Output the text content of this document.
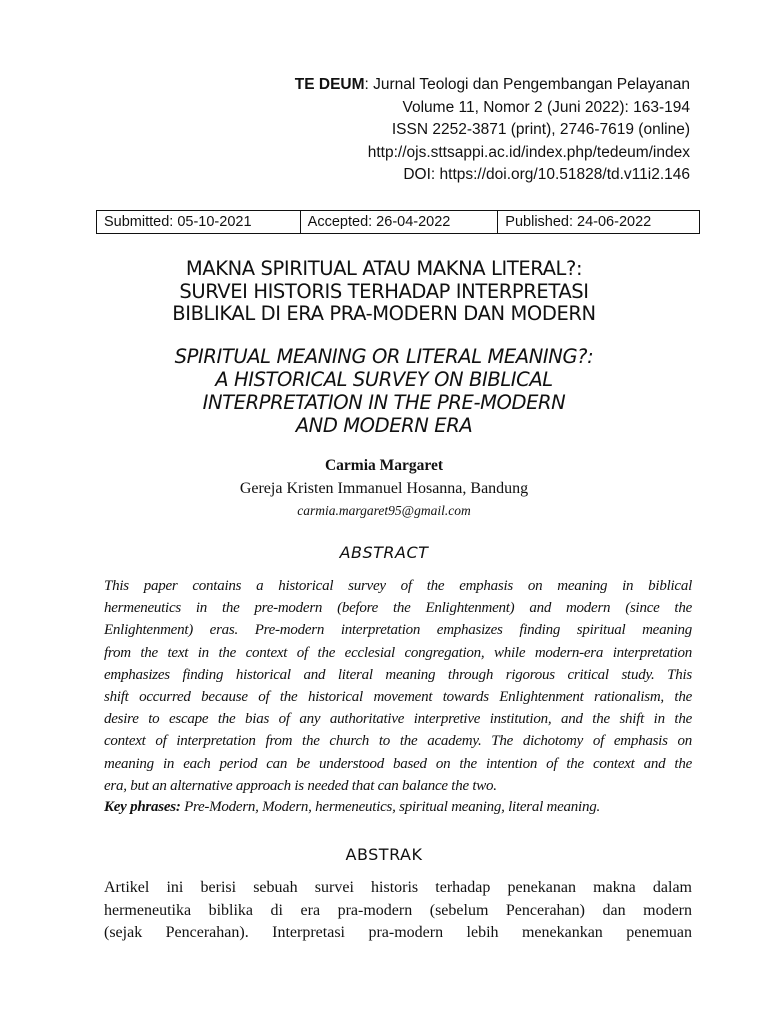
TE DEUM: Jurnal Teologi dan Pengembangan Pelayanan
Volume 11, Nomor 2 (Juni 2022): 163-194
ISSN 2252-3871 (print), 2746-7619 (online)
http://ojs.sttsappi.ac.id/index.php/tedeum/index
DOI: https://doi.org/10.51828/td.v11i2.146
Submitted: 05-10-2021	Accepted: 26-04-2022	Published: 24-06-2022
MAKNA SPIRITUAL ATAU MAKNA LITERAL?:
SURVEI HISTORIS TERHADAP INTERPRETASI
BIBLIKAL DI ERA PRA-MODERN DAN MODERN
SPIRITUAL MEANING OR LITERAL MEANING?:
A HISTORICAL SURVEY ON BIBLICAL
INTERPRETATION IN THE PRE-MODERN
AND MODERN ERA
Carmia Margaret
Gereja Kristen Immanuel Hosanna, Bandung
carmia.margaret95@gmail.com
ABSTRACT
This paper contains a historical survey of the emphasis on meaning in biblical
hermeneutics in the pre-modern (before the Enlightenment) and modern (since the
Enlightenment) eras. Pre-modern interpretation emphasizes finding spiritual meaning
from the text in the context of the ecclesial congregation, while modern-era interpretation
emphasizes finding historical and literal meaning through rigorous critical study. This
shift occurred because of the historical movement towards Enlightenment rationalism, the
desire to escape the bias of any authoritative interpretive institution, and the shift in the
context of interpretation from the church to the academy. The dichotomy of emphasis on
meaning in each period can be understood based on the intention of the context and the
era, but an alternative approach is needed that can balance the two.
Key phrases: Pre-Modern, Modern, hermeneutics, spiritual meaning, literal meaning.
ABSTRAK
Artikel ini berisi sebuah survei historis terhadap penekanan makna dalam
hermeneutika biblika di era pra-modern (sebelum Pencerahan) dan modern
(sejak Pencerahan). Interpretasi pra-modern lebih menekankan penemuan
